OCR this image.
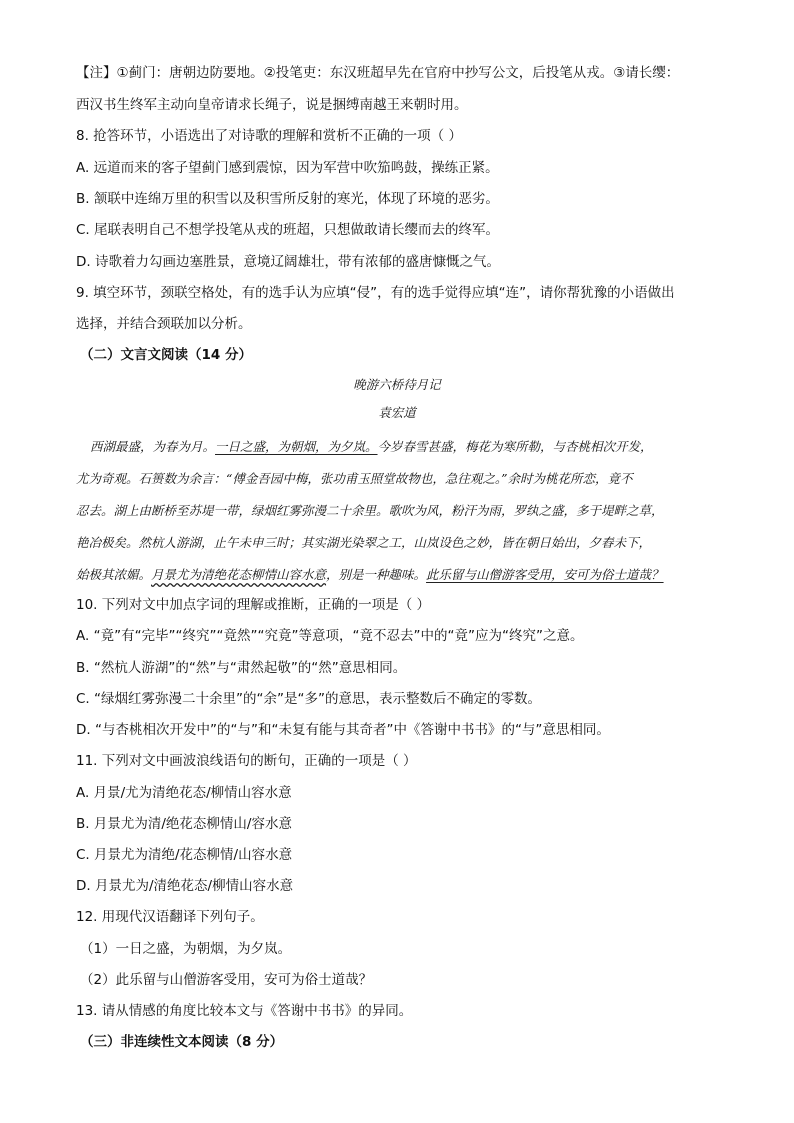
【注】①蓟门：唐朝边防要地。②投笔吏：东汉班超早先在官府中抄写公文，后投笔从戎。③请长缨：
西汉书生终军主动向皇帝请求长绳子，说是捆缚南越王来朝时用。
8. 抢答环节，小语选出了对诗歌的理解和赏析不正确的一项（ ）
A. 远道而来的客子望蓟门感到震惊，因为军营中吹笳鸣鼓，操练正紧。
B. 颔联中连绵万里的积雪以及积雪所反射的寒光，体现了环境的恶劣。
C. 尾联表明自己不想学投笔从戎的班超，只想做敢请长缨而去的终军。
D. 诗歌着力勾画边塞胜景，意境辽阔雄壮，带有浓郁的盛唐慷慨之气。
9. 填空环节，颈联空格处，有的选手认为应填“侵”，有的选手觉得应填“连”，请你帮犹豫的小语做出
选择，并结合颈联加以分析。
（二）文言文阅读（14 分）
晚游六桥待月记
袁宏道
西湖最盛，为春为月。一日之盛，为朝烟，为夕岚。今岁春雪甚盛，梅花为寒所勒，与杏桃相次开发，
尤为奇观。石篑数为余言：“傅金吾园中梅，张功甫玉照堂故物也，急往观之。”余时为桃花所恋，竟不
忍去。湖上由断桥至苏堤一带，绿烟红雾弥漫二十余里。歌吹为风，粉汗为雨，罗纨之盛，多于堤畔之草，
艳冶极矣。然杭人游湖，止午未申三时；其实湖光染翠之工，山岚设色之妙，皆在朝日始出，夕舂未下，
始极其浓媚。月景尤为清绝花态柳情山容水意，别是一种趣味。此乐留与山僧游客受用，安可为俗士道哉？
10. 下列对文中加点字词的理解或推断，正确的一项是（ ）
A. “竟”有“完毕”“终究”“竟然”“究竟”等意项，“竟不忍去”中的“竟”应为“终究”之意。
B. “然杭人游湖”的“然”与“肃然起敬”的“然”意思相同。
C. “绿烟红雾弥漫二十余里”的“余”是“多”的意思，表示整数后不确定的零数。
D. “与杏桃相次开发中”的“与”和“未复有能与其奇者”中《答谢中书书》的“与”意思相同。
11. 下列对文中画波浪线语句的断句，正确的一项是（ ）
A. 月景/尤为清绝花态/柳情山容水意
B. 月景尤为清/绝花态柳情山/容水意
C. 月景尤为清绝/花态柳情/山容水意
D. 月景尤为/清绝花态/柳情山容水意
12. 用现代汉语翻译下列句子。
（1）一日之盛，为朝烟，为夕岚。
（2）此乐留与山僧游客受用，安可为俗士道哉？
13. 请从情感的角度比较本文与《答谢中书书》的异同。
（三）非连续性文本阅读（8 分）
